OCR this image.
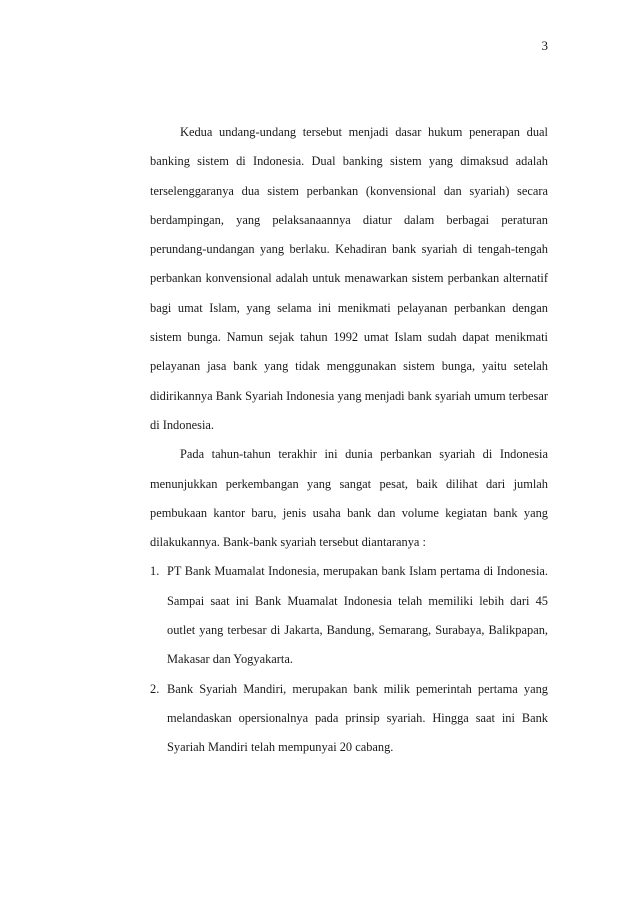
3

Kedua undang-undang tersebut menjadi dasar hukum penerapan dual banking sistem di Indonesia. Dual banking sistem yang dimaksud adalah terselenggaranya dua sistem perbankan (konvensional dan syariah) secara berdampingan, yang pelaksanaannya diatur dalam berbagai peraturan perundang-undangan yang berlaku. Kehadiran bank syariah di tengah-tengah perbankan konvensional adalah untuk menawarkan sistem perbankan alternatif bagi umat Islam, yang selama ini menikmati pelayanan perbankan dengan sistem bunga. Namun sejak tahun 1992 umat Islam sudah dapat menikmati pelayanan jasa bank yang tidak menggunakan sistem bunga, yaitu setelah didirikannya Bank Syariah Indonesia yang menjadi bank syariah umum terbesar di Indonesia.

Pada tahun-tahun terakhir ini dunia perbankan syariah di Indonesia menunjukkan perkembangan yang sangat pesat, baik dilihat dari jumlah pembukaan kantor baru, jenis usaha bank dan volume kegiatan bank yang dilakukannya. Bank-bank syariah tersebut diantaranya :

1. PT Bank Muamalat Indonesia, merupakan bank Islam pertama di Indonesia. Sampai saat ini Bank Muamalat Indonesia telah memiliki lebih dari 45 outlet yang terbesar di Jakarta, Bandung, Semarang, Surabaya, Balikpapan, Makasar dan Yogyakarta.
2. Bank Syariah Mandiri, merupakan bank milik pemerintah pertama yang melandaskan opersionalnya pada prinsip syariah. Hingga saat ini Bank Syariah Mandiri telah mempunyai 20 cabang.
